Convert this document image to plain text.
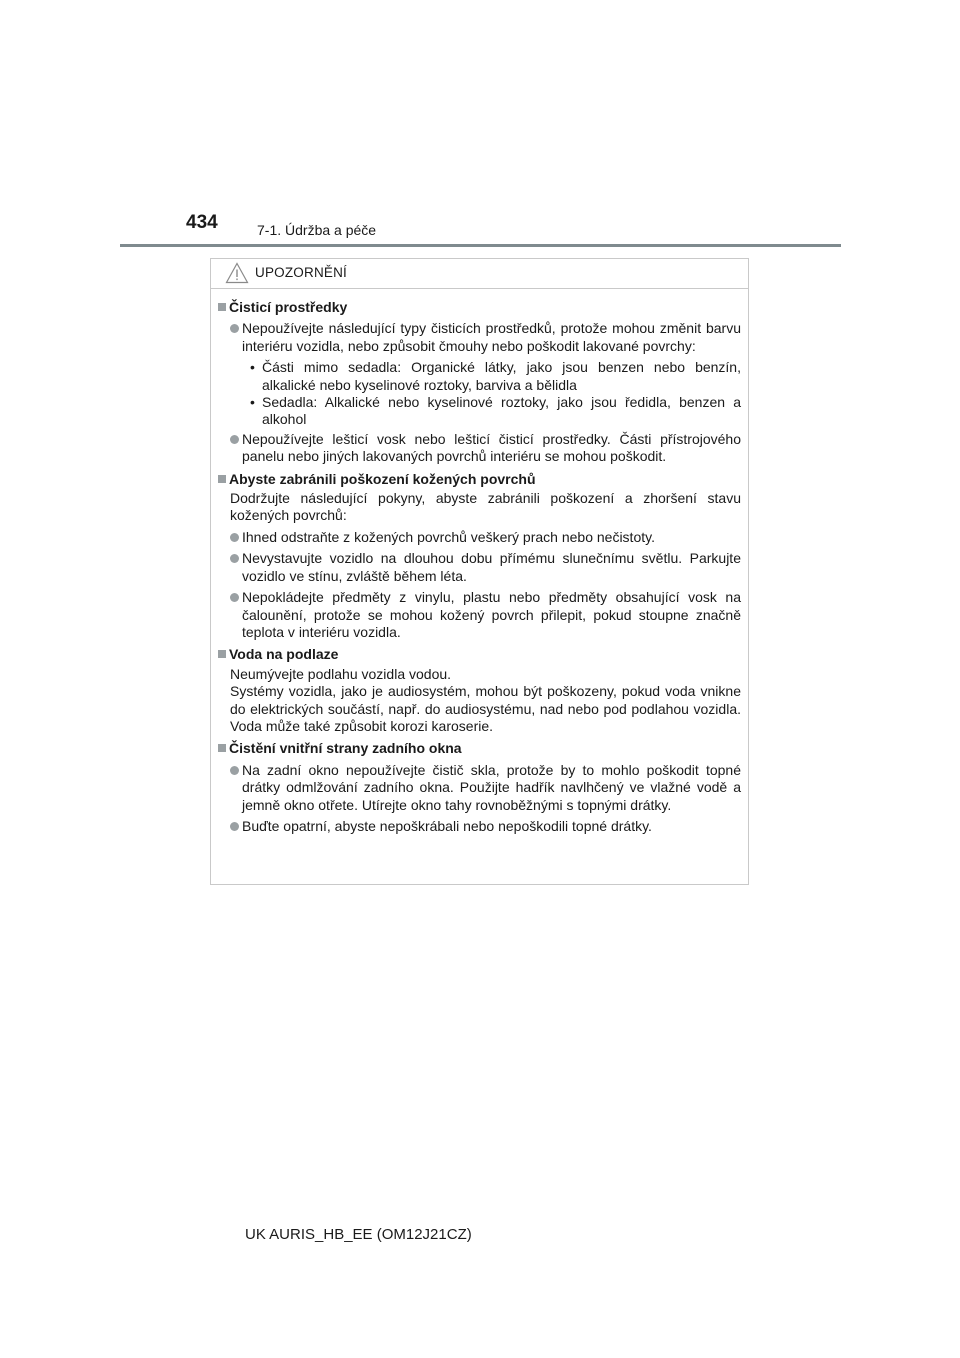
434	7-1. Údržba a péče
UPOZORNĚNÍ
Čisticí prostředky
Nepoužívejte následující typy čisticích prostředků, protože mohou změnit barvu interiéru vozidla, nebo způsobit čmouhy nebo poškodit lakované povrchy:
• Části mimo sedadla: Organické látky, jako jsou benzen nebo benzín, alkalické nebo kyselinové roztoky, barviva a bělidla
• Sedadla: Alkalické nebo kyselinové roztoky, jako jsou ředidla, benzen a alkohol
Nepoužívejte lešticí vosk nebo lešticí čisticí prostředky. Části přístrojového panelu nebo jiných lakovaných povrchů interiéru se mohou poškodit.
Abyste zabránili poškození kožených povrchů
Dodržujte následující pokyny, abyste zabránili poškození a zhoršení stavu kožených povrchů:
Ihned odstraňte z kožených povrchů veškerý prach nebo nečistoty.
Nevystavujte vozidlo na dlouhou dobu přímému slunečnímu světlu. Parkujte vozidlo ve stínu, zvláště během léta.
Nepokládejte předměty z vinylu, plastu nebo předměty obsahující vosk na čalounění, protože se mohou kožený povrch přilepit, pokud stoupne značně teplota v interiéru vozidla.
Voda na podlaze
Neumývejte podlahu vozidla vodou.
Systémy vozidla, jako je audiosystém, mohou být poškozeny, pokud voda vnikne do elektrických součástí, např. do audiosystému, nad nebo pod podlahou vozidla. Voda může také způsobit korozi karoserie.
Čistění vnitřní strany zadního okna
Na zadní okno nepoužívejte čistič skla, protože by to mohlo poškodit topné drátky odmlžování zadního okna. Použijte hadřík navlhčený ve vlažné vodě a jemně okno otřete. Utírejte okno tahy rovnoběžnými s topnými drátky.
Buďte opatrní, abyste nepoškrábali nebo nepoškodili topné drátky.
UK AURIS_HB_EE (OM12J21CZ)
